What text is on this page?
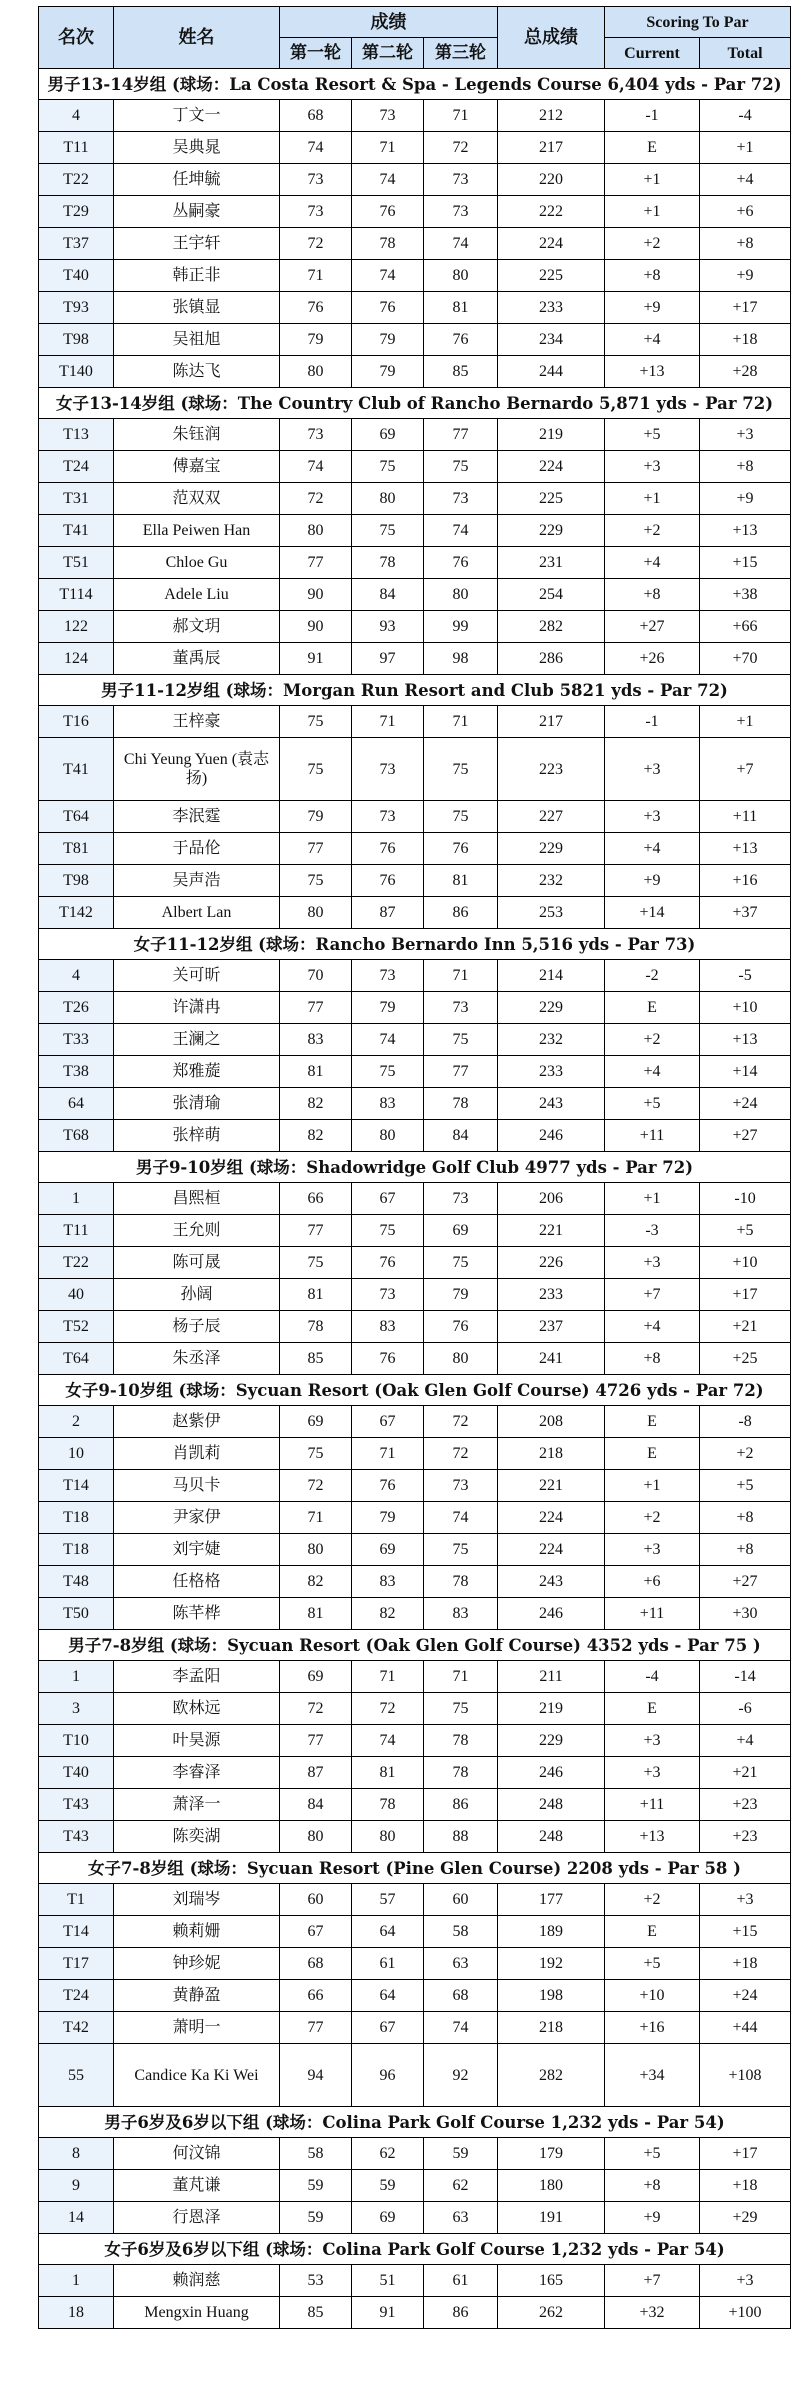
名次	姓名	成绩			总成绩	Scoring To Par	
		第一轮	第二轮	第三轮		Current	Total
男子13-14岁组 (球场：La Costa Resort & Spa - Legends Course 6,404 yds - Par 72)							
4	丁文一	68	73	71	212	-1	-4
T11	吴典晁	74	71	72	217	E	+1
T22	任坤毓	73	74	73	220	+1	+4
T29	丛嗣豪	73	76	73	222	+1	+6
T37	王宇轩	72	78	74	224	+2	+8
T40	韩正非	71	74	80	225	+8	+9
T93	张镇显	76	76	81	233	+9	+17
T98	吴祖旭	79	79	76	234	+4	+18
T140	陈达飞	80	79	85	244	+13	+28
女子13-14岁组 (球场：The Country Club of Rancho Bernardo 5,871 yds - Par 72)							
T13	朱钰润	73	69	77	219	+5	+3
T24	傅嘉宝	74	75	75	224	+3	+8
T31	范双双	72	80	73	225	+1	+9
T41	Ella Peiwen Han	80	75	74	229	+2	+13
T51	Chloe Gu	77	78	76	231	+4	+15
T114	Adele Liu	90	84	80	254	+8	+38
122	郝文玥	90	93	99	282	+27	+66
124	董禹辰	91	97	98	286	+26	+70
男子11-12岁组 (球场：Morgan Run Resort and Club 5821 yds - Par 72)							
T16	王梓豪	75	71	71	217	-1	+1
T41	Chi Yeung Yuen (袁志扬)	75	73	75	223	+3	+7
T64	李泯霆	79	73	75	227	+3	+11
T81	于品伦	77	76	76	229	+4	+13
T98	吴声浩	75	76	81	232	+9	+16
T142	Albert Lan	80	87	86	253	+14	+37
女子11-12岁组 (球场：Rancho Bernardo Inn 5,516 yds - Par 73)							
4	关可昕	70	73	71	214	-2	-5
T26	许潇冉	77	79	73	229	E	+10
T33	王澜之	83	74	75	232	+2	+13
T38	郑雅蔙	81	75	77	233	+4	+14
64	张清瑜	82	83	78	243	+5	+24
T68	张梓萌	82	80	84	246	+11	+27
男子9-10岁组 (球场：Shadowridge Golf Club 4977 yds - Par 72)							
1	昌熙桓	66	67	73	206	+1	-10
T11	王允则	77	75	69	221	-3	+5
T22	陈可晟	75	76	75	226	+3	+10
40	孙阔	81	73	79	233	+7	+17
T52	杨子辰	78	83	76	237	+4	+21
T64	朱丞泽	85	76	80	241	+8	+25
女子9-10岁组 (球场：Sycuan Resort (Oak Glen Golf Course) 4726 yds - Par 72)							
2	赵紫伊	69	67	72	208	E	-8
10	肖凯莉	75	71	72	218	E	+2
T14	马贝卡	72	76	73	221	+1	+5
T18	尹家伊	71	79	74	224	+2	+8
T18	刘宇婕	80	69	75	224	+3	+8
T48	任格格	82	83	78	243	+6	+27
T50	陈芊桦	81	82	83	246	+11	+30
男子7-8岁组 (球场：Sycuan Resort (Oak Glen Golf Course) 4352 yds - Par 75 )							
1	李孟阳	69	71	71	211	-4	-14
3	欧林远	72	72	75	219	E	-6
T10	叶昊源	77	74	78	229	+3	+4
T40	李睿泽	87	81	78	246	+3	+21
T43	萧泽一	84	78	86	248	+11	+23
T43	陈奕湖	80	80	88	248	+13	+23
女子7-8岁组 (球场：Sycuan Resort (Pine Glen Course) 2208 yds - Par 58 )							
T1	刘瑞岑	60	57	60	177	+2	+3
T14	赖莉姗	67	64	58	189	E	+15
T17	钟珍妮	68	61	63	192	+5	+18
T24	黄静盈	66	64	68	198	+10	+24
T42	萧明一	77	67	74	218	+16	+44
55	Candice Ka Ki Wei	94	96	92	282	+34	+108
男子6岁及6岁以下组 (球场：Colina Park Golf Course 1,232 yds - Par 54)							
8	何汶锦	58	62	59	179	+5	+17
9	董芃谦	59	59	62	180	+8	+18
14	行恩泽	59	69	63	191	+9	+29
女子6岁及6岁以下组 (球场：Colina Park Golf Course 1,232 yds - Par 54)							
1	赖润慈	53	51	61	165	+7	+3
18	Mengxin Huang	85	91	86	262	+32	+100
